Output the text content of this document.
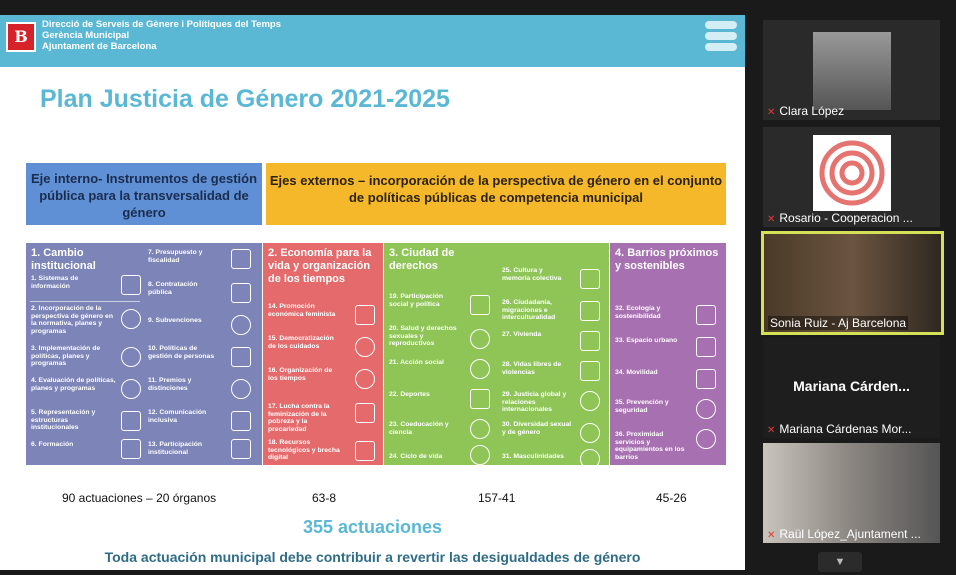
B
Direcció de Serveis de Gènere i Polítiques del Temps
Gerència Municipal
Ajuntament de Barcelona
Plan Justicia de Género 2021-2025
Eje interno- Instrumentos de gestión pública para la transversalidad de género
Ejes externos – incorporación de la perspectiva de género en el conjunto de políticas públicas de competencia municipal
1. Cambio institucional
1. Sistemas de información
2. Incorporación de la perspectiva de género en la normativa, planes y programas
3. Implementación de políticas, planes y programas
4. Evaluación de políticas, planes y programas
5. Representación y estructuras institucionales
6. Formación
7. Presupuesto y fiscalidad
8. Contratación pública
9. Subvenciones
10. Políticas de gestión de personas
11. Premios y distinciones
12. Comunicación inclusiva
13. Participación institucional
2. Economía para la vida y organización de los tiempos
14. Promoción económica feminista
15. Democratización de los cuidados
16. Organización de los tiempos
17. Lucha contra la feminización de la pobreza y la precariedad
18. Recursos tecnológicos y brecha digital
3. Ciudad de derechos
19. Participación social y política
20. Salud y derechos sexuales y reproductivos
21. Acción social
22. Deportes
23. Coeducación y ciencia
24. Ciclo de vida
25. Cultura y memoria colectiva
26. Ciudadanía, migraciones e interculturalidad
27. Vivienda
28. Vidas libres de violencias
29. Justicia global y relaciones internacionales
30. Diversidad sexual y de género
31. Masculinidades
4. Barrios próximos y sostenibles
32. Ecología y sostenibilidad
33. Espacio urbano
34. Movilidad
35. Prevención y seguridad
36. Proximidad servicios y equipamientos en los barrios
90 actuaciones – 20 órganos	63-8	157-41	45-26
355 actuaciones
Toda actuación municipal debe contribuir a revertir las desigualdades de género
✕ Clara López
✕ Rosario - Cooperacion ...
Sonia Ruiz - Aj Barcelona
Mariana Cárden...
✕ Mariana Cárdenas Mor...
✕ Raül López_Ajuntament ...
▼
